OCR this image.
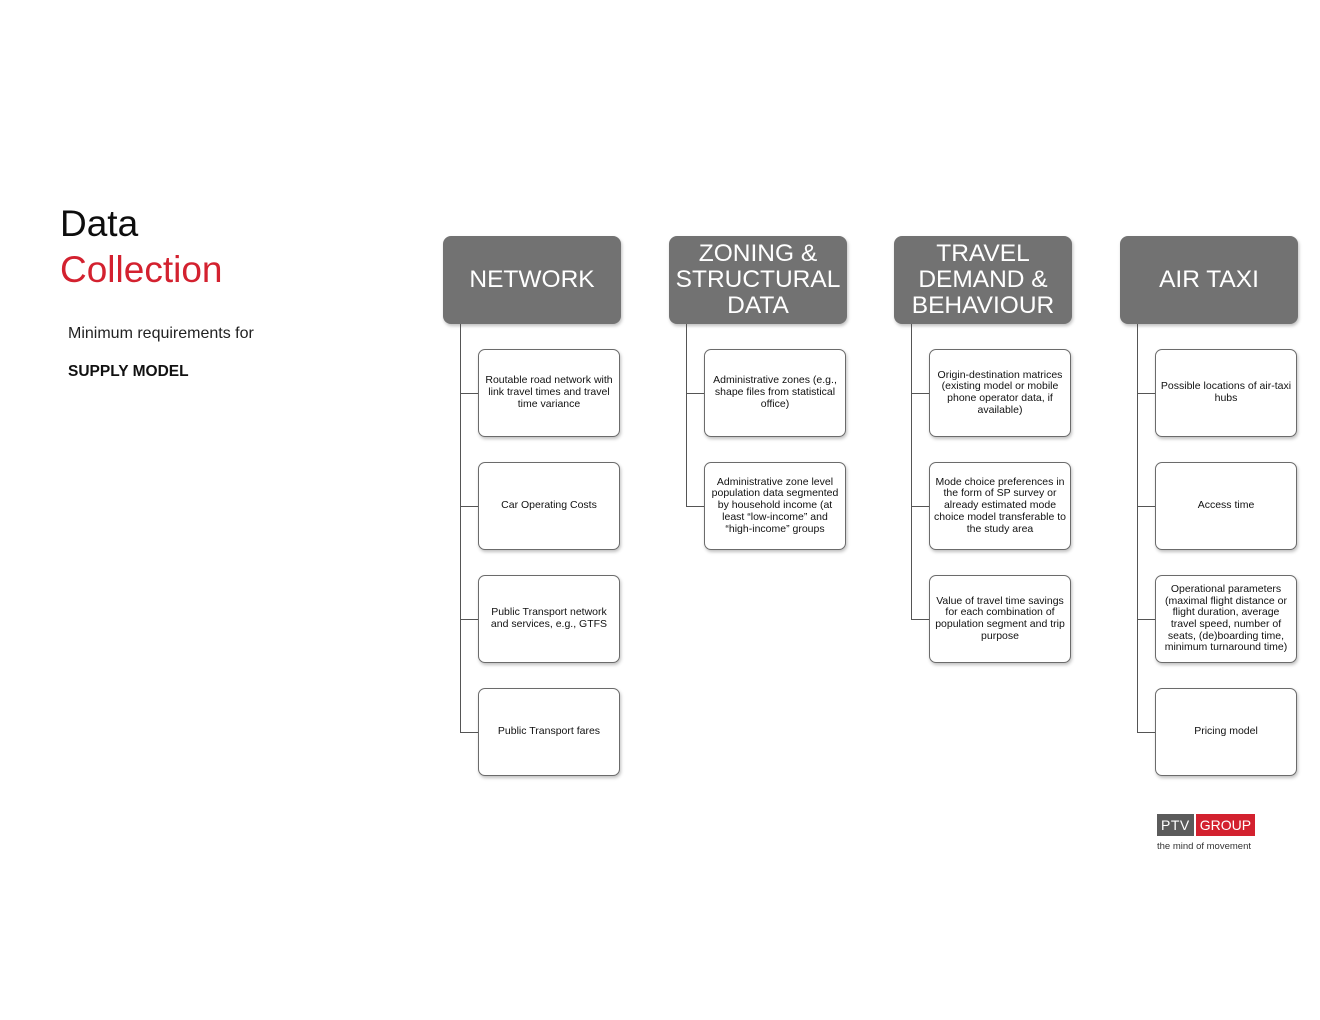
Data
Collection
Minimum requirements for
SUPPLY MODEL
NETWORK
Routable road network with link travel times and travel time variance
Car Operating Costs
Public Transport network and services, e.g., GTFS
Public Transport fares
ZONING &
STRUCTURAL
DATA
Administrative zones (e.g., shape files from statistical office)
Administrative zone level population data segmented by household income (at least “low-income” and “high-income” groups
TRAVEL
DEMAND &
BEHAVIOUR
Origin-destination matrices (existing model or mobile phone operator data, if available)
Mode choice preferences in the form of SP survey or already estimated mode choice model transferable to the study area
Value of travel time savings for each combination of population segment and trip purpose
AIR TAXI
Possible locations of air-taxi hubs
Access time
Operational parameters (maximal flight distance or flight duration, average travel speed, number of seats, (de)boarding time, minimum turnaround time)
Pricing model
PTV GROUP
the mind of movement
